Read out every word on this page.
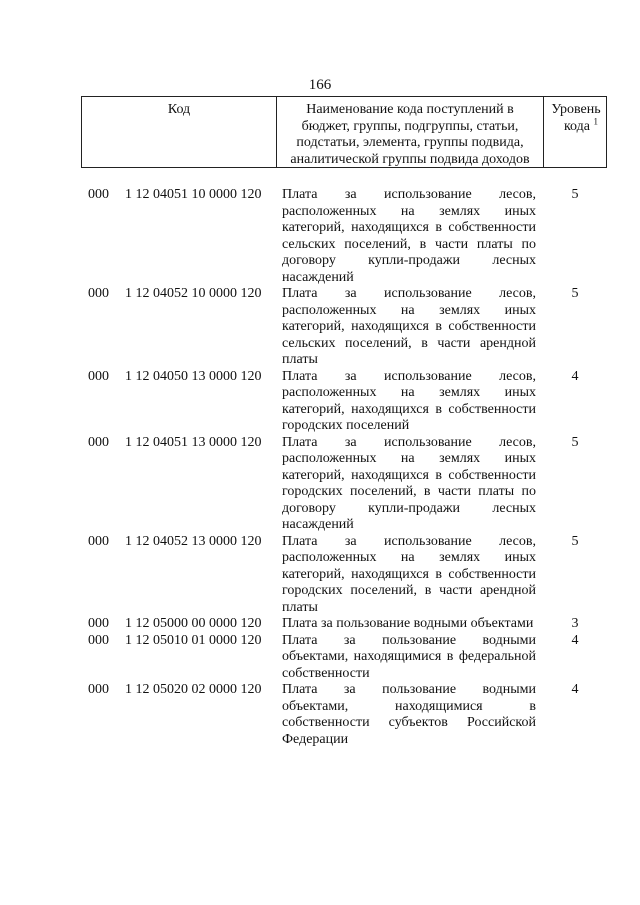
166
Код	Наименование кода поступлений в
бюджет, группы, подгруппы, статьи,
подстатьи, элемента, группы подвида,
аналитической группы подвида доходов
Уровень
кода $^1$
000 1 12 04051 10 0000 120 Плата за использование лесов, расположенных на землях иных категорий, находящихся в собственности сельских поселений, в части платы по договору купли-продажи лесных насаждений
5
000 1 12 04052 10 0000 120 Плата за использование лесов, расположенных на землях иных категорий, находящихся в собственности сельских поселений, в части арендной платы
5
000 1 12 04050 13 0000 120 Плата за использование лесов, расположенных на землях иных категорий, находящихся в собственности городских поселений
4
000 1 12 04051 13 0000 120 Плата за использование лесов, расположенных на землях иных категорий, находящихся в собственности городских поселений, в части платы по договору купли-продажи лесных насаждений
5
000 1 12 04052 13 0000 120 Плата за использование лесов, расположенных на землях иных категорий, находящихся в собственности городских поселений, в части арендной платы
5
000 1 12 05000 00 0000 120 Плата за пользование водными объектами	3
000 1 12 05010 01 0000 120 Плата за пользование водными объектами, находящимися в федеральной собственности
4
000 1 12 05020 02 0000 120 Плата за пользование водными объектами, находящимися в собственности субъектов Российской Федерации
4
